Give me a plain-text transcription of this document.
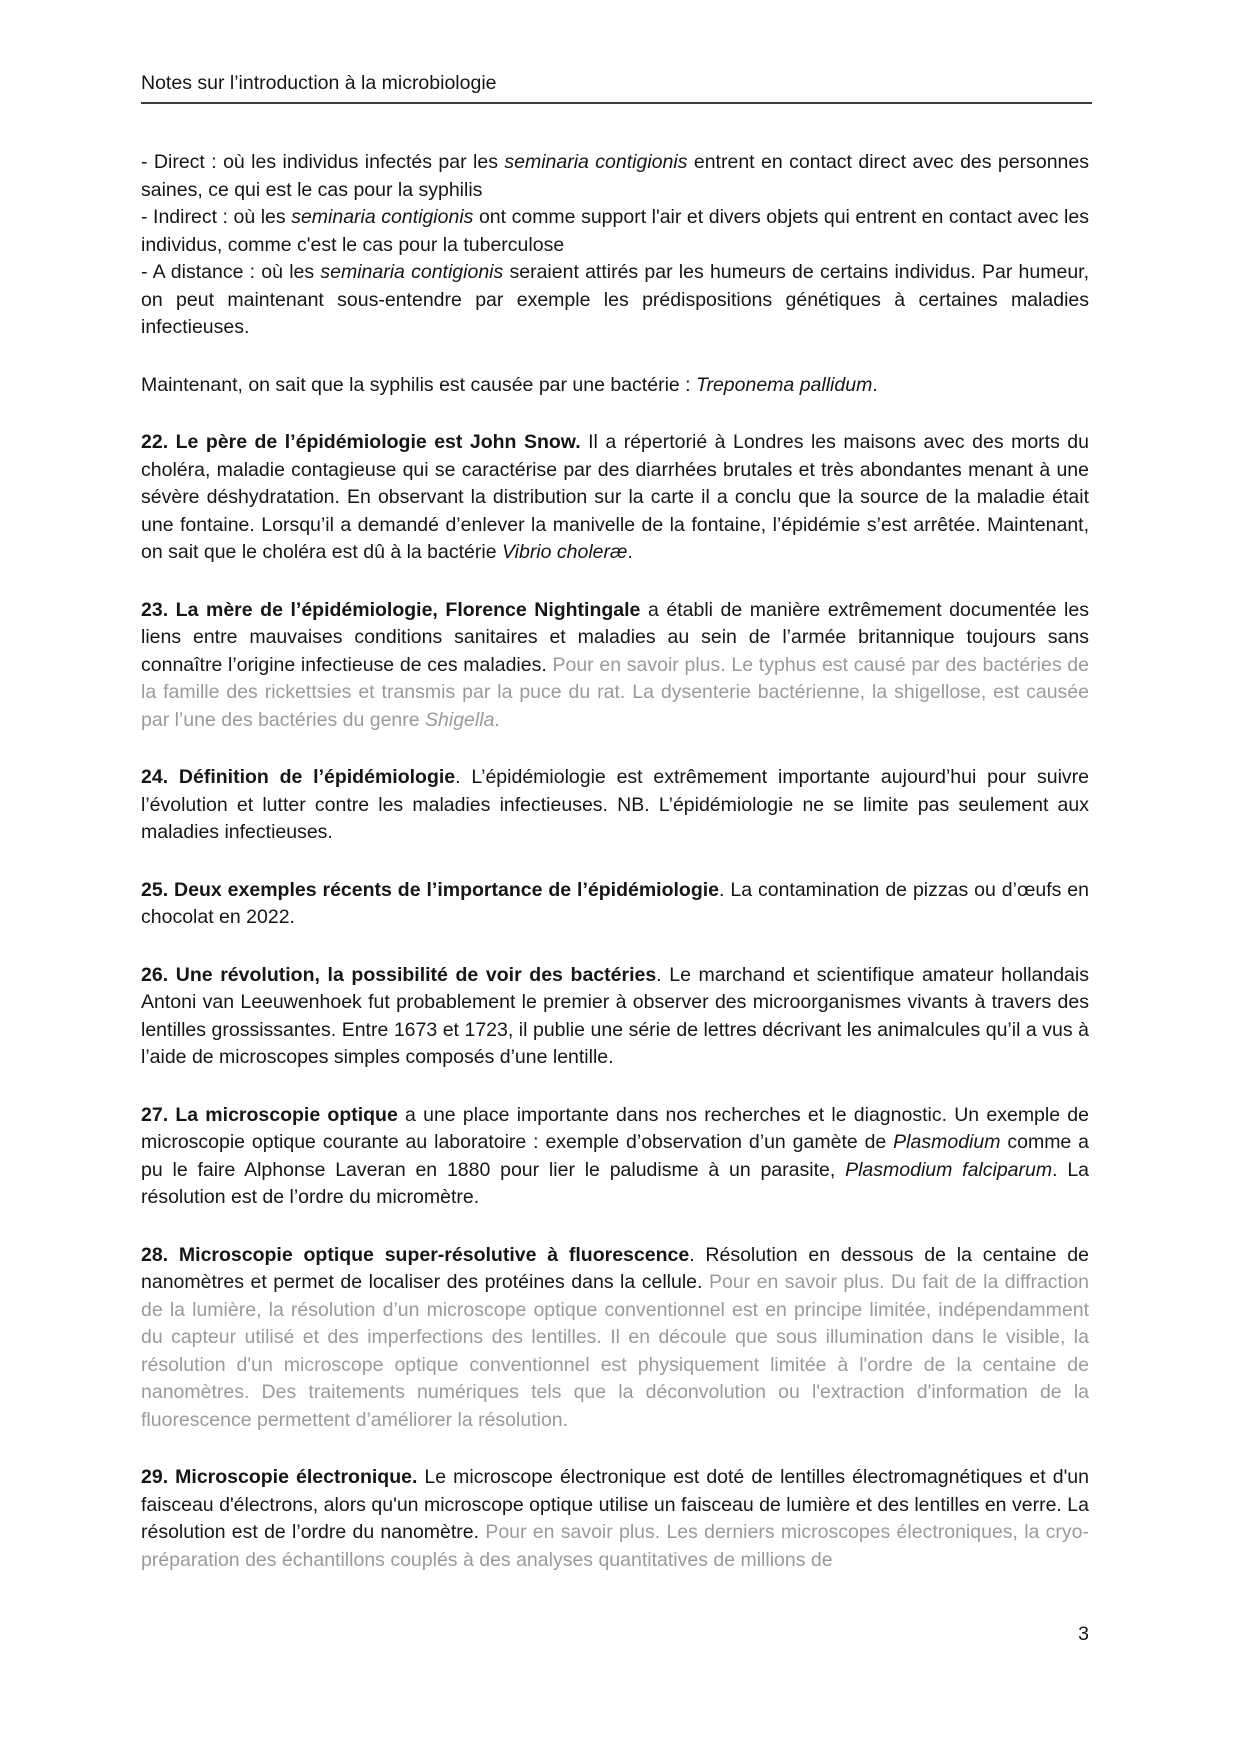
Notes sur l’introduction à la microbiologie

- Direct : où les individus infectés par les seminaria contigionis entrent en contact direct avec des personnes saines, ce qui est le cas pour la syphilis

- Indirect : où les seminaria contigionis ont comme support l'air et divers objets qui entrent en contact avec les individus, comme c'est le cas pour la tuberculose

- A distance : où les seminaria contigionis seraient attirés par les humeurs de certains individus. Par humeur, on peut maintenant sous-entendre par exemple les prédispositions génétiques à certaines maladies infectieuses.

Maintenant, on sait que la syphilis est causée par une bactérie : Treponema pallidum.

22. Le père de l’épidémiologie est John Snow. Il a répertorié à Londres les maisons avec des morts du choléra, maladie contagieuse qui se caractérise par des diarrhées brutales et très abondantes menant à une sévère déshydratation. En observant la distribution sur la carte il a conclu que la source de la maladie était une fontaine. Lorsqu’il a demandé d’enlever la manivelle de la fontaine, l’épidémie s’est arrêtée. Maintenant, on sait que le choléra est dû à la bactérie Vibrio choleræ.

23. La mère de l’épidémiologie, Florence Nightingale a établi de manière extrêmement documentée les liens entre mauvaises conditions sanitaires et maladies au sein de l’armée britannique toujours sans connaître l’origine infectieuse de ces maladies. Pour en savoir plus. Le typhus est causé par des bactéries de la famille des rickettsies et transmis par la puce du rat. La dysenterie bactérienne, la shigellose, est causée par l’une des bactéries du genre Shigella.

24. Définition de l’épidémiologie. L’épidémiologie est extrêmement importante aujourd’hui pour suivre l’évolution et lutter contre les maladies infectieuses. NB. L’épidémiologie ne se limite pas seulement aux maladies infectieuses.

25. Deux exemples récents de l’importance de l’épidémiologie. La contamination de pizzas ou d’œufs en chocolat en 2022.

26. Une révolution, la possibilité de voir des bactéries. Le marchand et scientifique amateur hollandais Antoni van Leeuwenhoek fut probablement le premier à observer des microorganismes vivants à travers des lentilles grossissantes. Entre 1673 et 1723, il publie une série de lettres décrivant les animalcules qu’il a vus à l’aide de microscopes simples composés d’une lentille.

27. La microscopie optique a une place importante dans nos recherches et le diagnostic. Un exemple de microscopie optique courante au laboratoire : exemple d’observation d’un gamète de Plasmodium comme a pu le faire Alphonse Laveran en 1880 pour lier le paludisme à un parasite, Plasmodium falciparum. La résolution est de l’ordre du micromètre.

28. Microscopie optique super-résolutive à fluorescence. Résolution en dessous de la centaine de nanomètres et permet de localiser des protéines dans la cellule. Pour en savoir plus. Du fait de la diffraction de la lumière, la résolution d’un microscope optique conventionnel est en principe limitée, indépendamment du capteur utilisé et des imperfections des lentilles. Il en découle que sous illumination dans le visible, la résolution d'un microscope optique conventionnel est physiquement limitée à l'ordre de la centaine de nanomètres. Des traitements numériques tels que la déconvolution ou l'extraction d'information de la fluorescence permettent d’améliorer la résolution.

29. Microscopie électronique. Le microscope électronique est doté de lentilles électromagnétiques et d'un faisceau d'électrons, alors qu'un microscope optique utilise un faisceau de lumière et des lentilles en verre. La résolution est de l’ordre du nanomètre. Pour en savoir plus. Les derniers microscopes électroniques, la cryo-préparation des échantillons couplés à des analyses quantitatives de millions de

3
